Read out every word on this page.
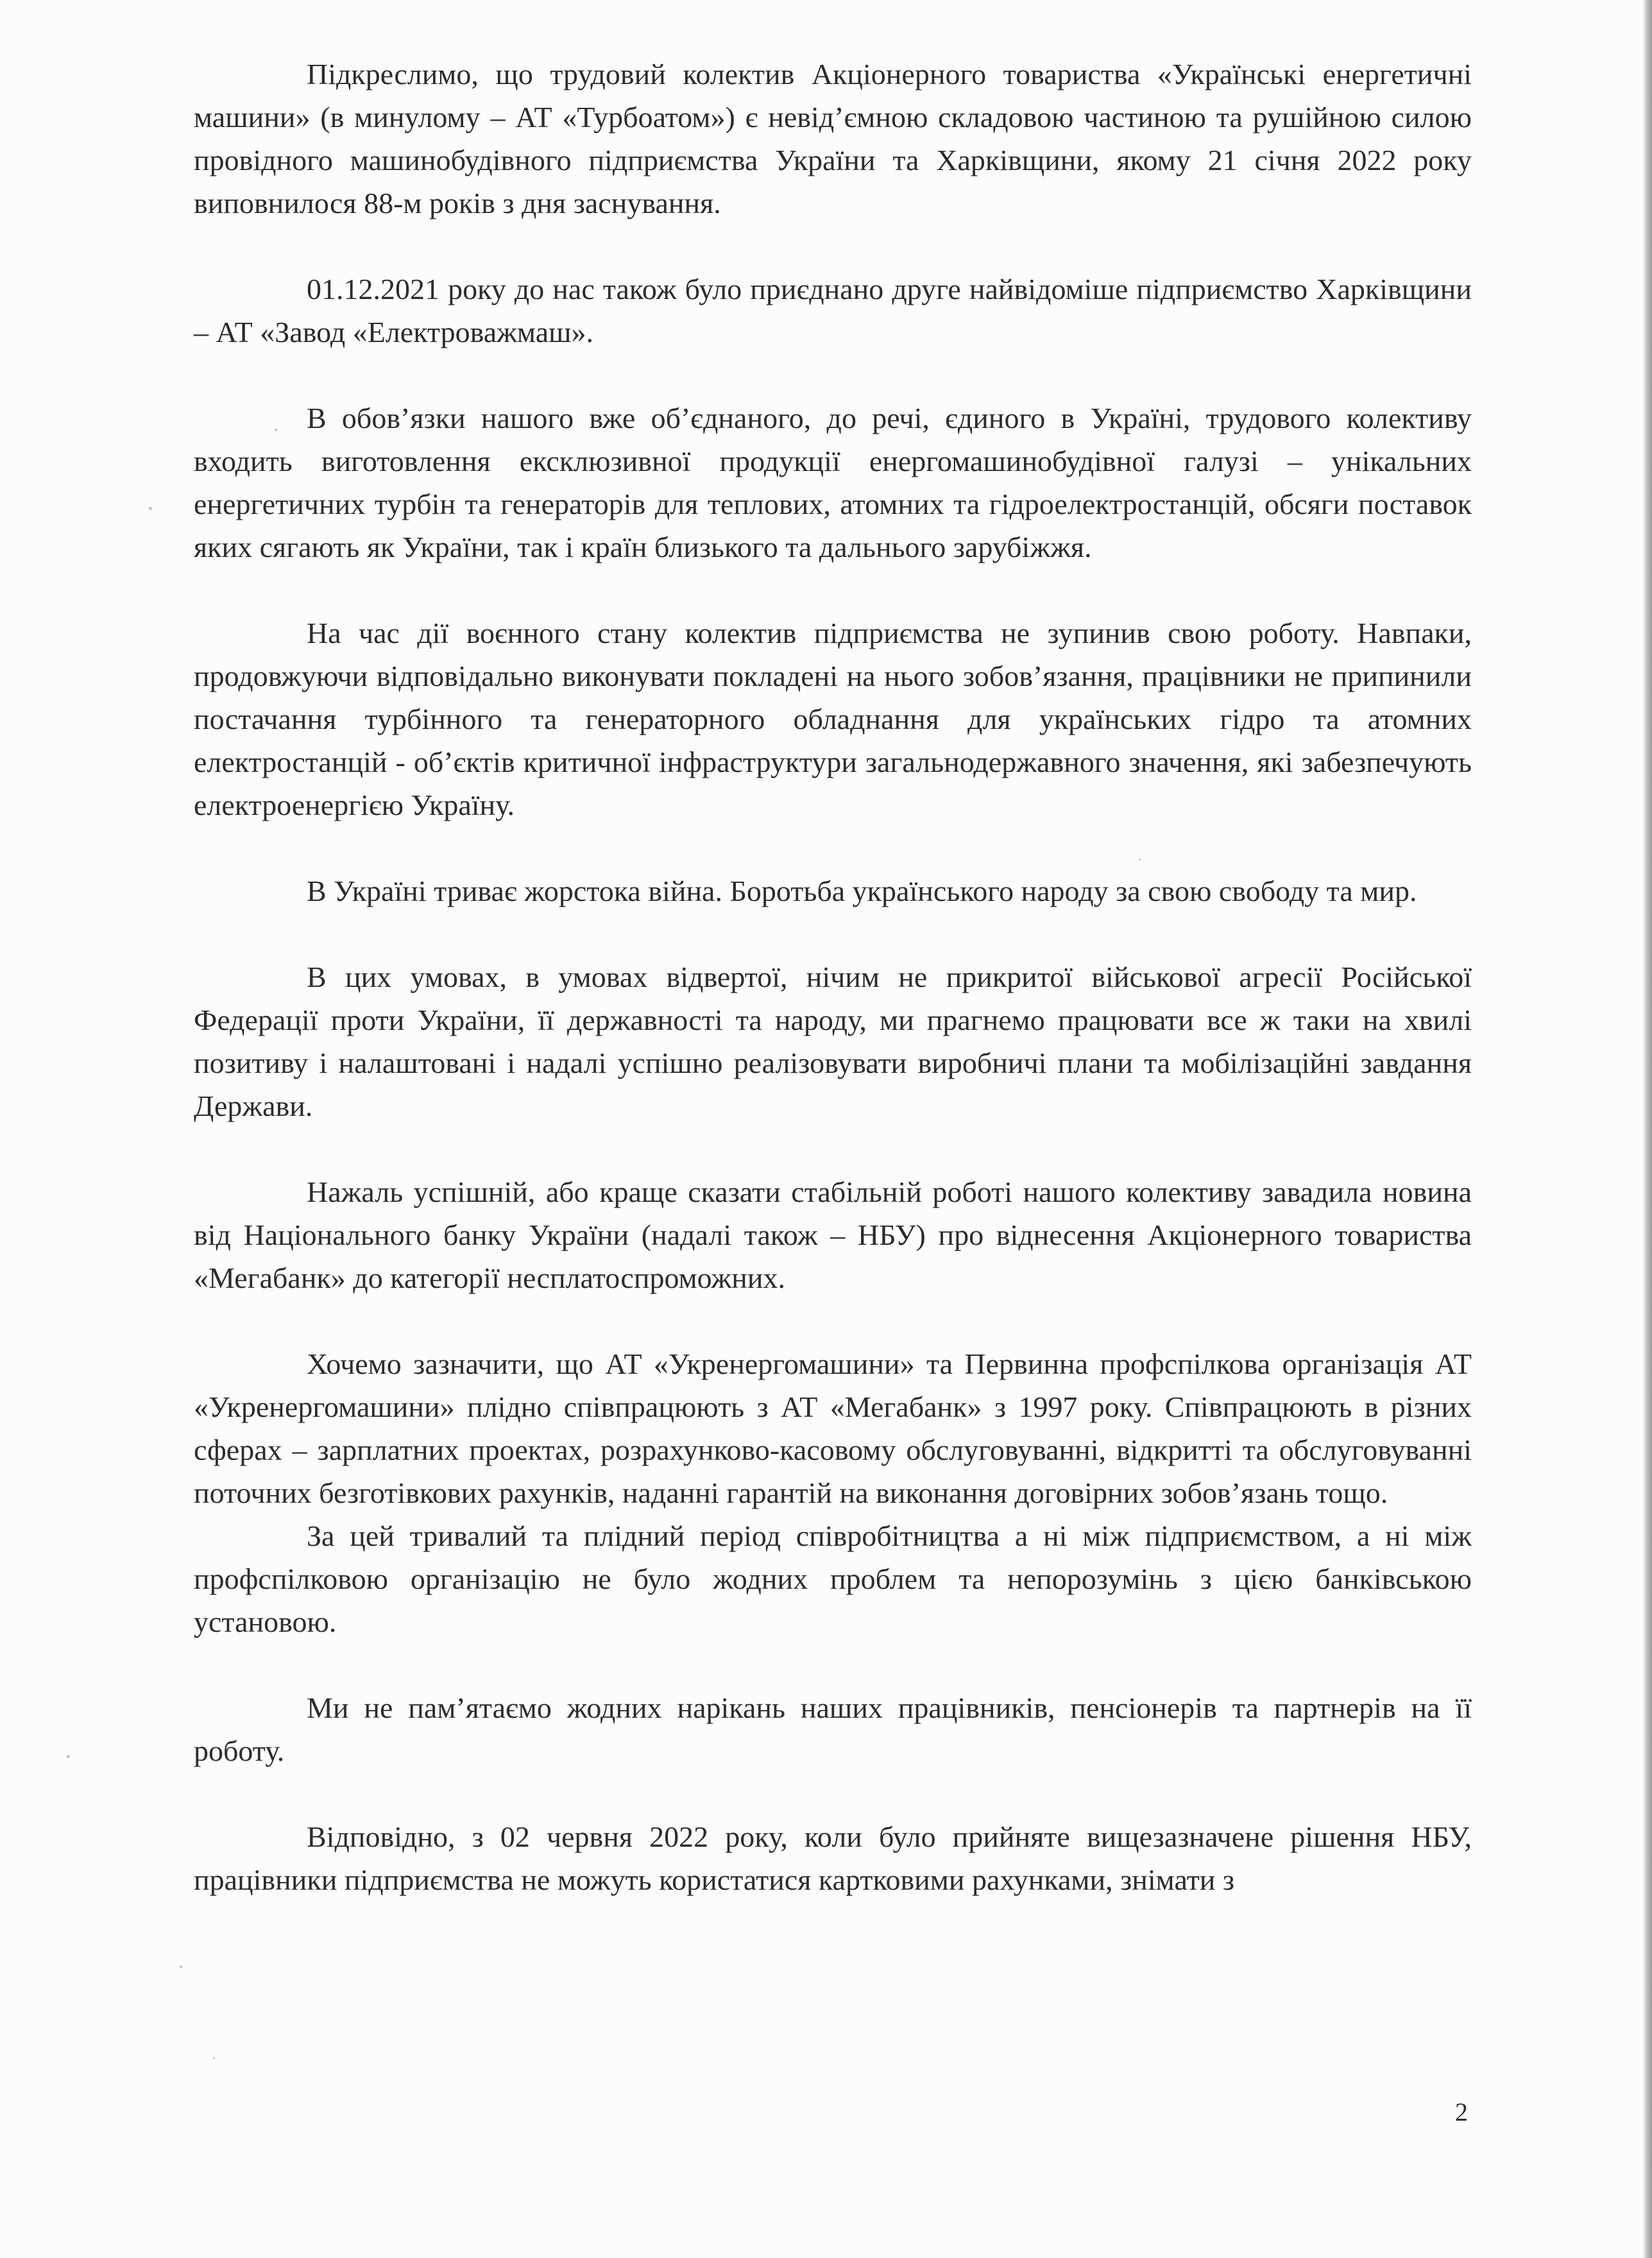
Підкреслимо, що трудовий колектив Акціонерного товариства «Українські енергетичні машини» (в минулому – АТ «Турбоатом») є невід’ємною складовою частиною та рушійною силою провідного машинобудівного підприємства України та Харківщини, якому 21 січня 2022 року виповнилося 88-м років з дня заснування.

01.12.2021 року до нас також було приєднано друге найвідоміше підприємство Харківщини – АТ «Завод «Електроважмаш».

В обов’язки нашого вже об’єднаного, до речі, єдиного в Україні, трудового колективу входить виготовлення ексклюзивної продукції енергомашинобудівної галузі – унікальних енергетичних турбін та генераторів для теплових, атомних та гідроелектростанцій, обсяги поставок яких сягають як України, так і країн близького та дальнього зарубіжжя.

На час дії воєнного стану колектив підприємства не зупинив свою роботу. Навпаки, продовжуючи відповідально виконувати покладені на нього зобов’язання, працівники не припинили постачання турбінного та генераторного обладнання для українських гідро та атомних електростанцій - об’єктів критичної інфраструктури загальнодержавного значення, які забезпечують електроенергією Україну.

В Україні триває жорстока війна. Боротьба українського народу за свою свободу та мир.

В цих умовах, в умовах відвертої, нічим не прикритої військової агресії Російської Федерації проти України, її державності та народу, ми прагнемо працювати все ж таки на хвилі позитиву і налаштовані і надалі успішно реалізовувати виробничі плани та мобілізаційні завдання Держави.

Нажаль успішній, або краще сказати стабільній роботі нашого колективу завадила новина від Національного банку України (надалі також – НБУ) про віднесення Акціонерного товариства «Мегабанк» до категорії несплатоспроможних.

Хочемо зазначити, що АТ «Укренергомашини» та Первинна профспілкова організація АТ «Укренергомашини» плідно співпрацюють з АТ «Мегабанк» з 1997 року. Співпрацюють в різних сферах – зарплатних проектах, розрахунково-касовому обслуговуванні, відкритті та обслуговуванні поточних безготівкових рахунків, наданні гарантій на виконання договірних зобов’язань тощо.

За цей тривалий та плідний період співробітництва а ні між підприємством, а ні між профспілковою організацію не було жодних проблем та непорозумінь з цією банківською установою.

Ми не пам’ятаємо жодних нарікань наших працівників, пенсіонерів та партнерів на її роботу.

Відповідно, з 02 червня 2022 року, коли було прийняте вищезазначене рішення НБУ, працівники підприємства не можуть користатися картковими рахунками, знімати з

2
